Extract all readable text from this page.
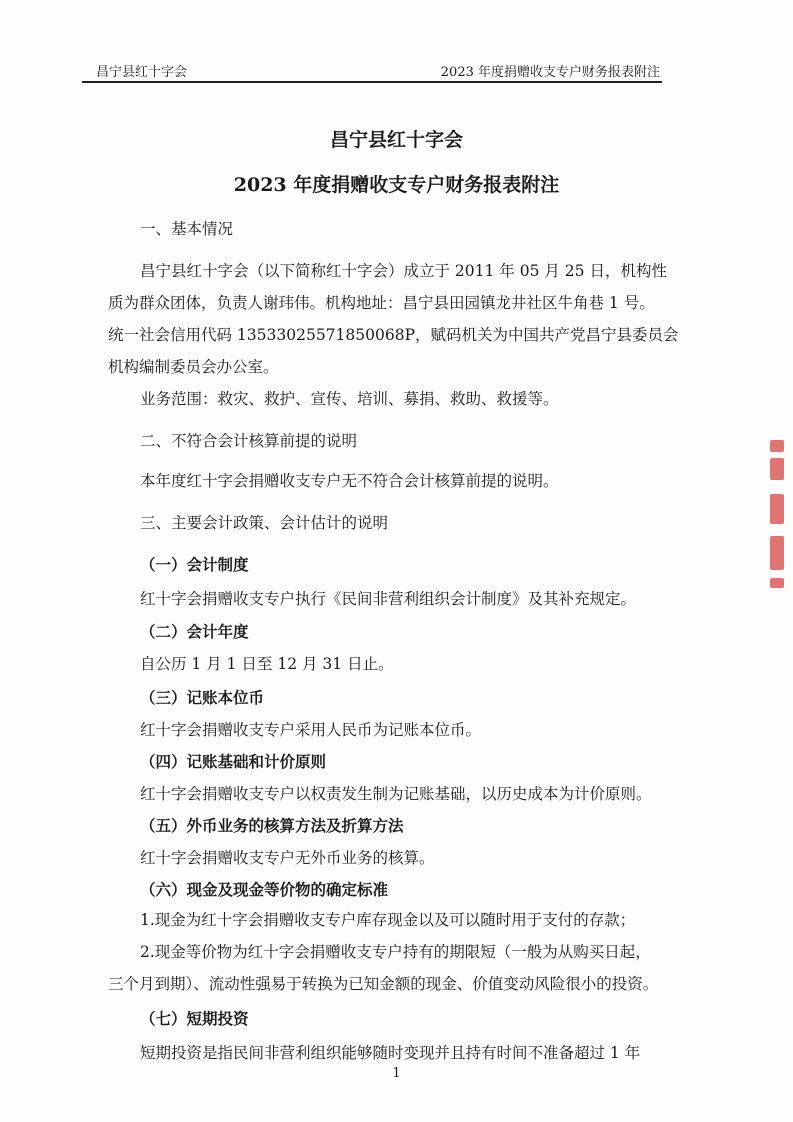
昌宁县红十字会	2023 年度捐赠收支专户财务报表附注
昌宁县红十字会
2023 年度捐赠收支专户财务报表附注
一、基本情况
昌宁县红十字会（以下简称红十字会）成立于 2011 年 05 月 25 日，机构性
质为群众团体，负责人谢玮伟。机构地址：昌宁县田园镇龙井社区牛角巷 1 号。
统一社会信用代码 13533025571850068P，赋码机关为中国共产党昌宁县委员会
机构编制委员会办公室。
业务范围：救灾、救护、宣传、培训、募捐、救助、救援等。
二、不符合会计核算前提的说明
本年度红十字会捐赠收支专户无不符合会计核算前提的说明。
三、主要会计政策、会计估计的说明
（一）会计制度
红十字会捐赠收支专户执行《民间非营利组织会计制度》及其补充规定。
（二）会计年度
自公历 1 月 1 日至 12 月 31 日止。
（三）记账本位币
红十字会捐赠收支专户采用人民币为记账本位币。
（四）记账基础和计价原则
红十字会捐赠收支专户以权责发生制为记账基础，以历史成本为计价原则。
（五）外币业务的核算方法及折算方法
红十字会捐赠收支专户无外币业务的核算。
（六）现金及现金等价物的确定标准
1.现金为红十字会捐赠收支专户库存现金以及可以随时用于支付的存款；
2.现金等价物为红十字会捐赠收支专户持有的期限短（一般为从购买日起，
三个月到期）、流动性强易于转换为已知金额的现金、价值变动风险很小的投资。
（七）短期投资
短期投资是指民间非营利组织能够随时变现并且持有时间不准备超过 1 年
1
